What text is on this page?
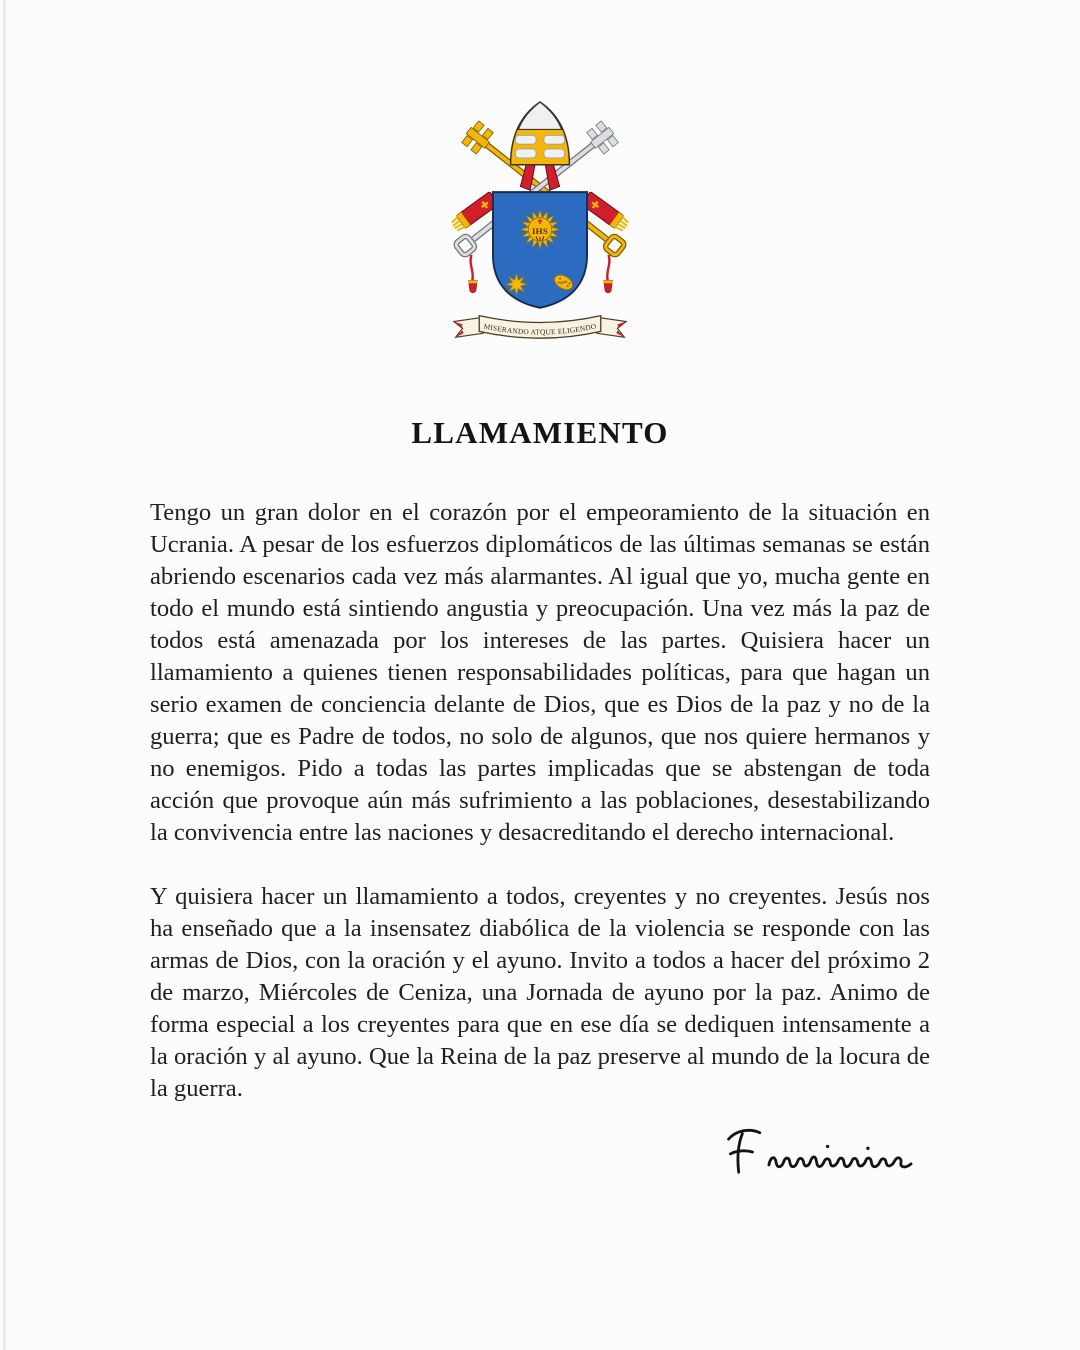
IHS
MISERANDO ATQUE ELIGENDO
LLAMAMIENTO
Tengo un gran dolor en el corazón por el empeoramiento de la situación en Ucrania. A pesar de los esfuerzos diplomáticos de las últimas semanas se están abriendo escenarios cada vez más alarmantes. Al igual que yo, mucha gente en todo el mundo está sintiendo angustia y preocupación. Una vez más la paz de todos está amenazada por los intereses de las partes. Quisiera hacer un llamamiento a quienes tienen responsabilidades políticas, para que hagan un serio examen de conciencia delante de Dios, que es Dios de la paz y no de la guerra; que es Padre de todos, no solo de algunos, que nos quiere hermanos y no enemigos. Pido a todas las partes implicadas que se abstengan de toda acción que provoque aún más sufrimiento a las poblaciones, desestabilizando la convivencia entre las naciones y desacreditando el derecho internacional.
Y quisiera hacer un llamamiento a todos, creyentes y no creyentes. Jesús nos ha enseñado que a la insensatez diabólica de la violencia se responde con las armas de Dios, con la oración y el ayuno. Invito a todos a hacer del próximo 2 de marzo, Miércoles de Ceniza, una Jornada de ayuno por la paz. Animo de forma especial a los creyentes para que en ese día se dediquen intensamente a la oración y al ayuno. Que la Reina de la paz preserve al mundo de la locura de la guerra.
